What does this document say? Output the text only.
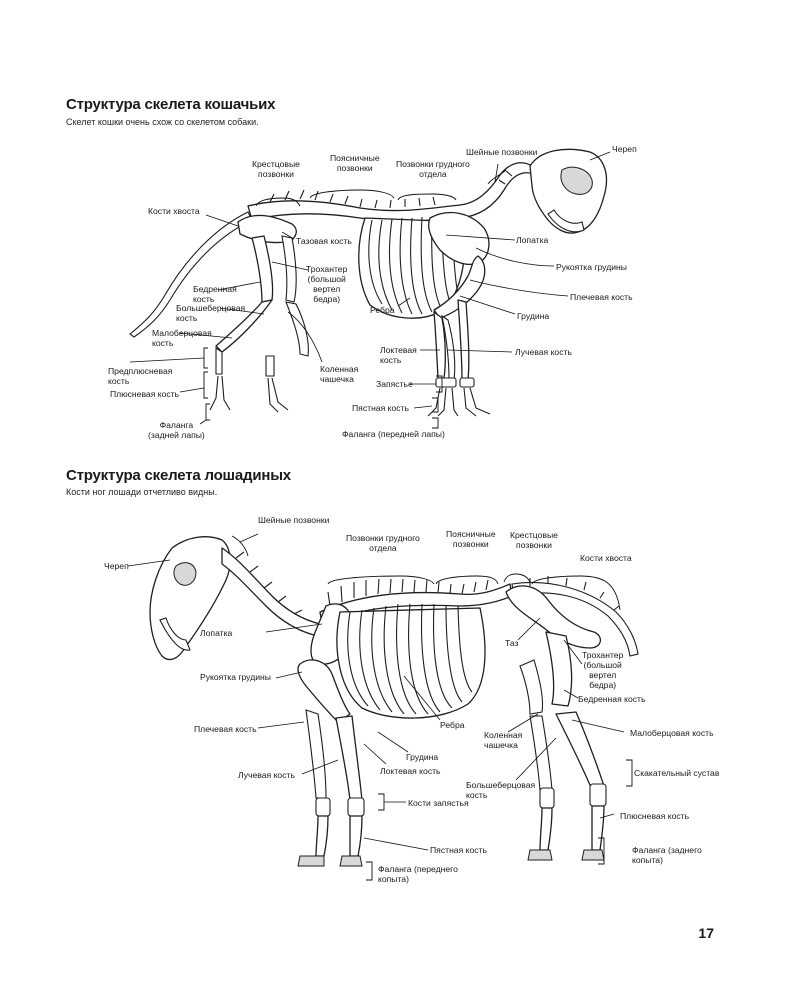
Структура скелета кошачьих
Скелет кошки очень схож со скелетом собаки.
Череп
Шейные позвонки
Позвонки грудного
отдела
Поясничные
позвонки
Крестцовые
позвонки
Кости хвоста
Тазовая кость
Трохантер
(большой
вертел
бедра)
Бедренная
кость
Большеберцовая
кость
Малоберцовая
кость
Предплюсневая
кость
Плюсневая кость
Фаланга
(задней лапы)
Коленная
чашечка
Ребра
Лопатка
Рукоятка грудины
Плечевая кость
Грудина
Локтевая
кость
Лучевая кость
Запястье
Пястная кость
Фаланга (передней лапы)
Структура скелета лошадиных
Кости ног лошади отчетливо видны.
Шейные позвонки
Череп
Позвонки грудного
отдела
Поясничные
позвонки
Крестцовые
позвонки
Кости хвоста
Лопатка
Таз
Трохантер
(большой
вертел
бедра)
Рукоятка грудины
Бедренная кость
Плечевая кость	Ребра
Коленная
чашечка
Малоберцовая кость
Лучевая кость
Грудина
Локтевая кость
Большеберцовая
кость
Скакательный сустав
Кости запястья
Плюсневая кость
Пястная кость	Фаланга (заднего
копыта)
Фаланга (переднего
копыта)
17
